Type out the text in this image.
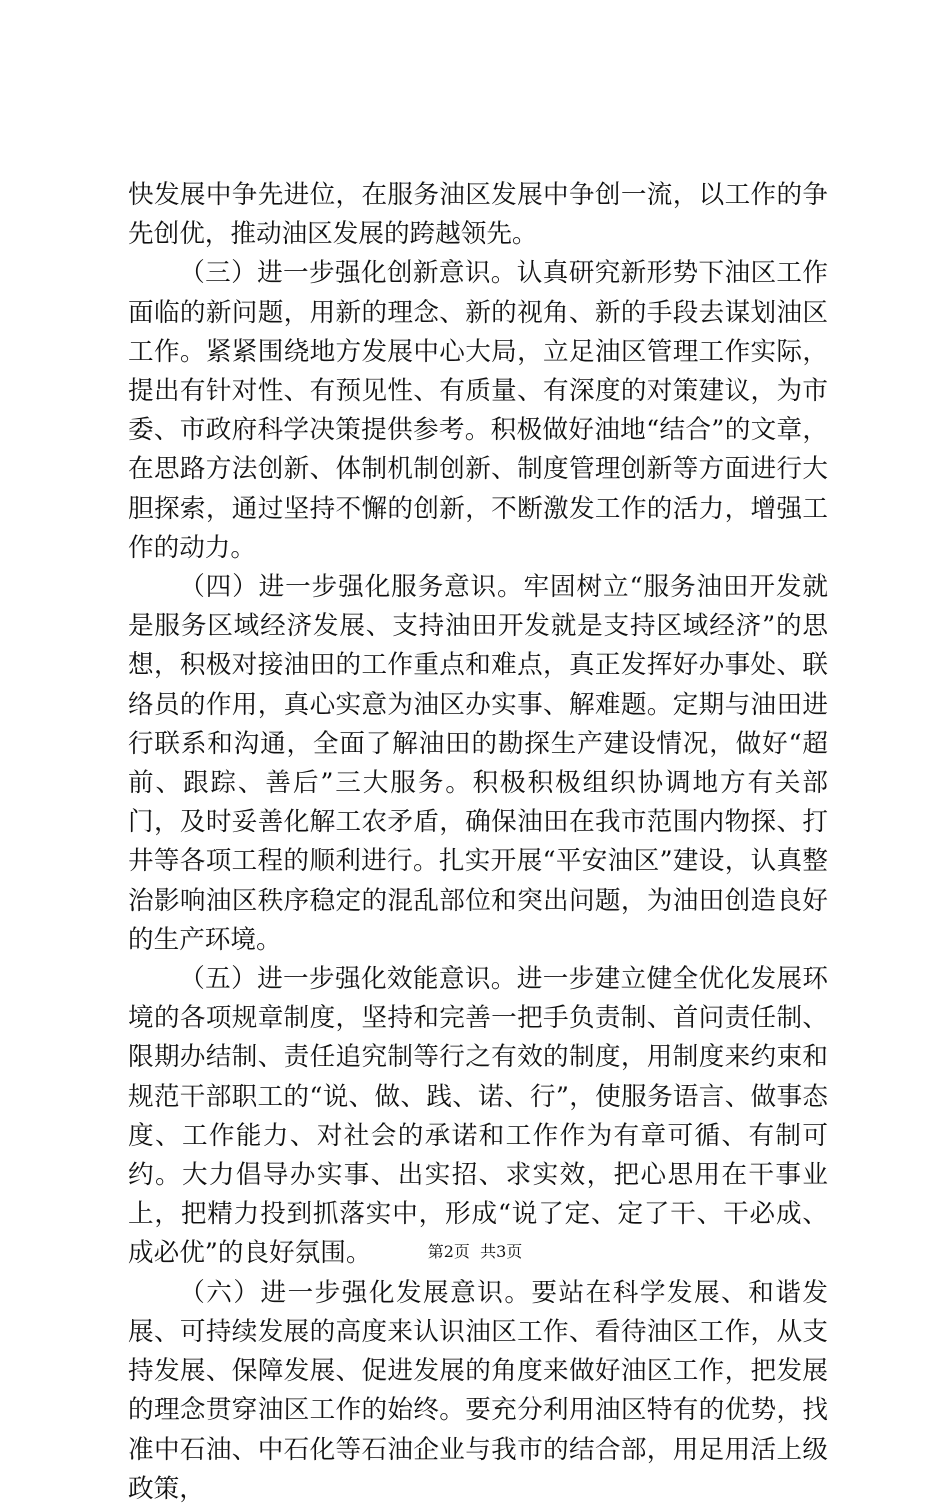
快发展中争先进位，在服务油区发展中争创一流，以工作的争先创优，推动油区发展的跨越领先。

（三）进一步强化创新意识。认真研究新形势下油区工作面临的新问题，用新的理念、新的视角、新的手段去谋划油区工作。紧紧围绕地方发展中心大局，立足油区管理工作实际，提出有针对性、有预见性、有质量、有深度的对策建议，为市委、市政府科学决策提供参考。积极做好油地“结合”的文章，在思路方法创新、体制机制创新、制度管理创新等方面进行大胆探索，通过坚持不懈的创新，不断激发工作的活力，增强工作的动力。

（四）进一步强化服务意识。牢固树立“服务油田开发就是服务区域经济发展、支持油田开发就是支持区域经济”的思想，积极对接油田的工作重点和难点，真正发挥好办事处、联络员的作用，真心实意为油区办实事、解难题。定期与油田进行联系和沟通，全面了解油田的勘探生产建设情况，做好“超前、跟踪、善后”三大服务。积极积极组织协调地方有关部门，及时妥善化解工农矛盾，确保油田在我市范围内物探、打井等各项工程的顺利进行。扎实开展“平安油区”建设，认真整治影响油区秩序稳定的混乱部位和突出问题，为油田创造良好的生产环境。

（五）进一步强化效能意识。进一步建立健全优化发展环境的各项规章制度，坚持和完善一把手负责制、首问责任制、限期办结制、责任追究制等行之有效的制度，用制度来约束和规范干部职工的“说、做、践、诺、行”，使服务语言、做事态度、工作能力、对社会的承诺和工作作为有章可循、有制可约。大力倡导办实事、出实招、求实效，把心思用在干事业上，把精力投到抓落实中，形成“说了定、定了干、干必成、成必优”的良好氛围。

（六）进一步强化发展意识。要站在科学发展、和谐发展、可持续发展的高度来认识油区工作、看待油区工作，从支持发展、保障发展、促进发展的角度来做好油区工作，把发展的理念贯穿油区工作的始终。要充分利用油区特有的优势，找准中石油、中石化等石油企业与我市的结合部，用足用活上级政策，

第2页  共3页
